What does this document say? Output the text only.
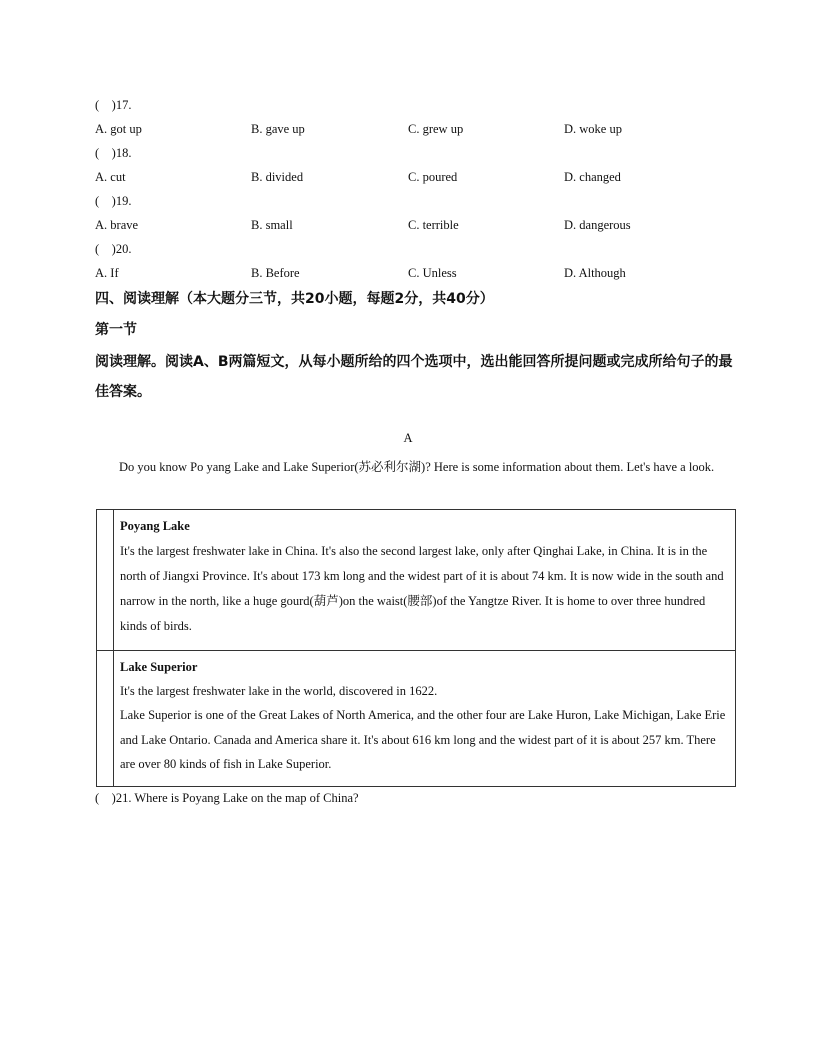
(    )17.
A. got up	B. gave up	C. grew up	D. woke up
(    )18.
A. cut	B. divided	C. poured	D. changed
(    )19.
A. brave	B. small	C. terrible	D. dangerous
(    )20.
A. If	B. Before	C. Unless	D. Although
四、阅读理解（本大题分三节，共20小题，每题2分，共40分）
第一节
阅读理解。阅读A、B两篇短文，从每小题所给的四个选项中，选出能回答所提问题或完成所给句子的最佳答案。
A
Do you know Po yang Lake and Lake Superior(苏必利尔湖)? Here is some information about them. Let's have a look.
Poyang Lake
It's the largest freshwater lake in China. It's also the second largest lake, only after Qinghai Lake, in China. It is in the north of Jiangxi Province. It's about 173 km long and the widest part of it is about 74 km. It is now wide in the south and narrow in the north, like a huge gourd(葫芦)on the waist(腰部)of the Yangtze River. It is home to over three hundred kinds of birds.
Lake Superior
It's the largest freshwater lake in the world, discovered in 1622.
Lake Superior is one of the Great Lakes of North America, and the other four are Lake Huron, Lake Michigan, Lake Erie and Lake Ontario. Canada and America share it. It's about 616 km long and the widest part of it is about 257 km. There are over 80 kinds of fish in Lake Superior.
(    )21. Where is Poyang Lake on the map of China?
